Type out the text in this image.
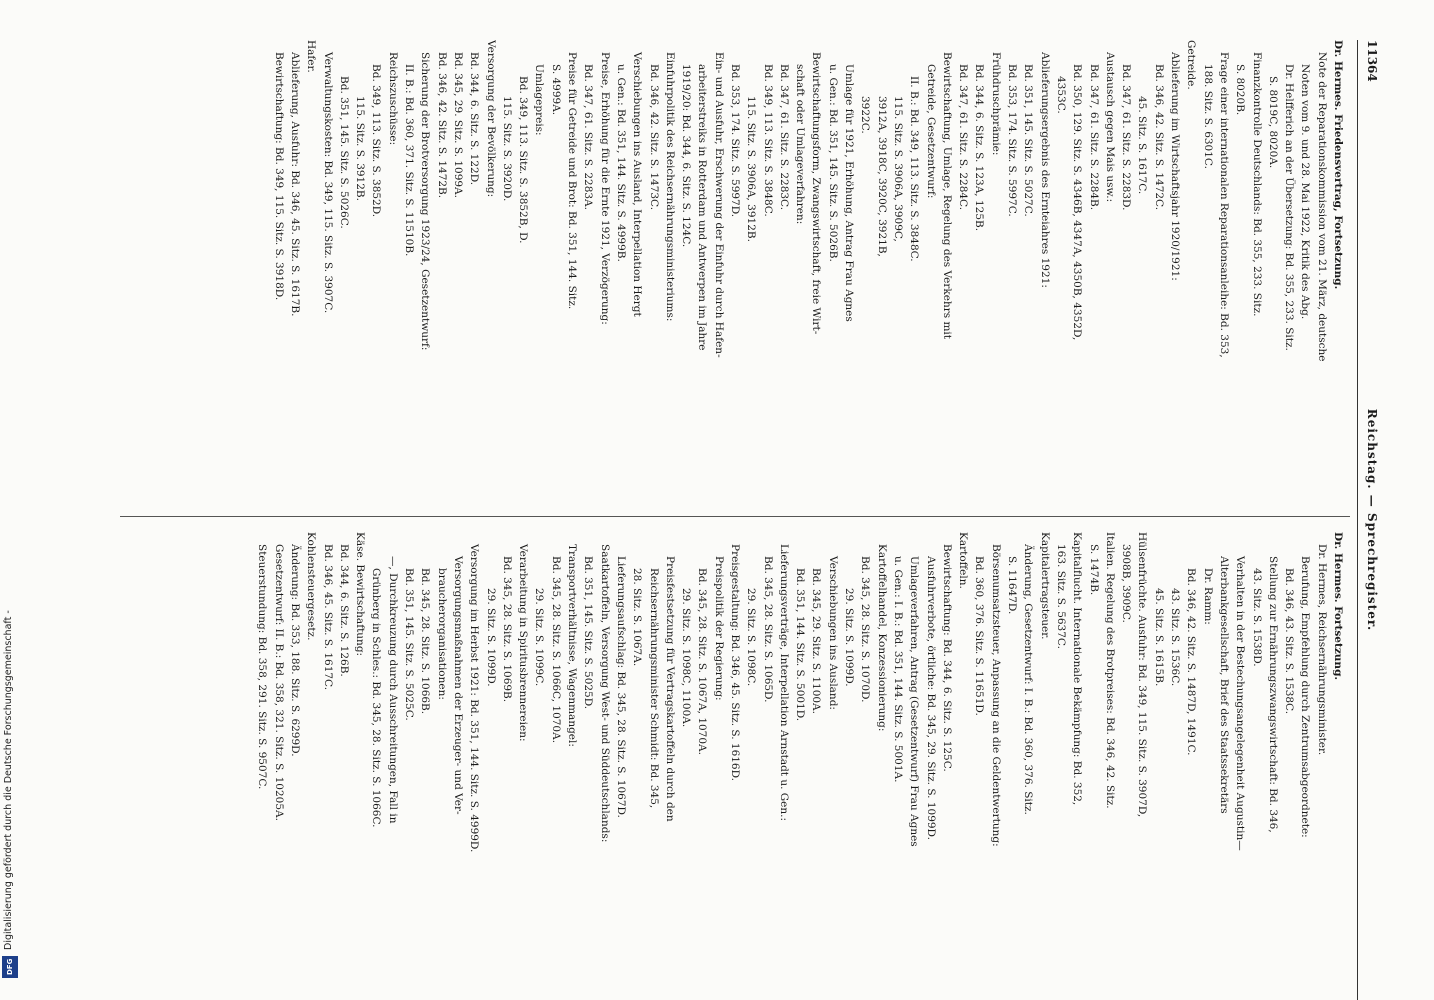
11364
Reichstag. — Sprechregister.
Dr. Hermes. Friedensvertrag, Fortsetzung.
Note der Reparationskommission vom 21. März, deutsche
Noten vom 9. und 28. Mai 1922, Kritik des Abg.
Dr. Helfferich an der Übersetzung: Bd. 355, 233. Sitz.
S. 8019C, 8020A.
Finanzkontrolle Deutschlands: Bd. 355, 233. Sitz.
S. 8020B.
Frage einer internationalen Reparationsanleihe: Bd. 353,
188. Sitz. S. 6301C.
Getreide.
Ablieferung im Wirtschaftsjahr 1920/1921:
Bd. 346, 42. Sitz. S. 1472C.
45. Sitz. S. 1617C.
Bd. 347, 61. Sitz. S. 2283D.
Austausch gegen Mais usw.:
Bd. 347, 61. Sitz. S. 2284B.
Bd. 350, 129. Sitz. S. 4346B, 4347A, 4350B, 4352D,
4353C.
Ablieferungsergebnis des Ernteiahres 1921:
Bd. 351, 145. Sitz. S. 5027C.
Bd. 353, 174. Sitz. S. 5997C.
Frühdruschprämie:
Bd. 344, 6. Sitz. S. 123A, 125B.
Bd. 347, 61. Sitz. S. 2284C.
Bewirtschaftung, Umlage, Regelung des Verkehrs mit
Getreide, Gesetzentwurf:
II. B.: Bd. 349, 113. Sitz. S. 3848C.
115. Sitz. S. 3906A, 3909C,
3912A, 3918C, 3920C, 3921B,
3922C.
Umlage für 1921, Erhöhung, Antrag Frau Agnes
u. Gen.: Bd. 351, 145. Sitz. S. 5026B.
Bewirtschaftungsform, Zwangswirtschaft, freie Wirt-
schaft oder Umlageverfahren:
Bd. 347, 61. Sitz. S. 2283C.
Bd. 349, 113. Sitz. S. 3848C.
115. Sitz. S. 3906A, 3912B.
Bd. 353, 174. Sitz. S. 5997D.
Ein- und Ausfuhr, Erschwerung der Einfuhr durch Hafen-
arbeiterstreiks in Rotterdam und Antwerpen im Jahre
1919/20: Bd. 344, 6. Sitz. S. 124C.
Einfuhrpolitik des Reichsernährungsministeriums:
Bd. 346, 42. Sitz. S. 1473C.
Verschiebungen ins Ausland, Interpellation Hergt
u. Gen.: Bd. 351, 144. Sitz. S. 4999B.
Preise, Erhöhung für die Ernte 1921, Verzögerung:
Bd. 347, 61. Sitz. S. 2283A.
Preise für Getreide und Brot: Bd. 351, 144. Sitz.
S. 4999A.
Umlagepreis:
Bd. 349, 113. Sitz. S. 3852B, D.
115. Sitz. S. 3920D.
Versorgung der Bevölkerung:
Bd. 344, 6. Sitz. S. 122D.
Bd. 345, 29. Sitz. S. 1099A.
Bd. 346, 42. Sitz. S. 1472B.
Sicherung der Brotversorgung 1923/24, Gesetzentwurf:
II. B.: Bd. 360, 371. Sitz. S. 11510B.
Reichszuschüsse:
Bd. 349, 113. Sitz. S. 3852D.
115. Sitz. S. 3912B.
Bd. 351, 145. Sitz. S. 5026C.
Verwaltungskosten: Bd. 349, 115. Sitz. S. 3907C.
Hafer.
Ablieferung, Ausfuhr: Bd. 346, 45. Sitz. S. 1617B.
Bewirtschaftung: Bd. 349, 115. Sitz. S. 3918D.
Dr. Hermes. Fortsetzung.
Dr. Hermes, Reichsernährungsminister.
Berufung, Empfehlung durch Zentrumsabgeordnete:
Bd. 346, 43. Sitz. S. 1538C.
Stellung zur Ernährungszwangswirtschaft: Bd. 346,
43. Sitz. S. 1538D.
Verhalten in der Bestechungsangelegenheit Augustin—
Alterbankgesellschaft, Brief des Staatssekretärs
Dr. Ramm:
Bd. 346, 42. Sitz. S. 1487D, 1491C.
43. Sitz. S. 1536C.
45. Sitz. S. 1615B.
Hülsenfrüchte. Ausfuhr: Bd. 349, 115. Sitz. S. 3907D,
3908B, 3909C.
Italien. Regelung des Brotpreises: Bd. 346, 42. Sitz.
S. 1474B.
Kapitalflucht. Internationale Bekämpfung: Bd. 352,
163. Sitz. S. 5637C.
Kapitalertragsteuer.
Änderung, Gesetzentwurf: I. B.: Bd. 360, 376. Sitz.
S. 11647D.
Börsenumsatzsteuer, Anpassung an die Geldentwertung:
Bd. 360, 376. Sitz. S. 11651D.
Kartoffeln.
Bewirtschaftung: Bd. 344, 6. Sitz. S. 125C.
Ausfuhrverbote, örtliche: Bd. 345, 29. Sitz. S. 1099D.
Umlageverfahren, Antrag (Gesetzentwurf) Frau Agnes
u. Gen.: I. B.: Bd. 351, 144. Sitz. S. 5001A.
Kartoffelhandel, Konzessionierung:
Bd. 345, 28. Sitz. S. 1070D.
29. Sitz. S. 1099D.
Verschiebungen ins Ausland:
Bd. 345, 29. Sitz. S. 1100A.
Bd. 351, 144. Sitz. S. 5001D.
Lieferungsverträge, Interpellation Arnstadt u. Gen.:
Bd. 345, 28. Sitz. S. 1065D.
29. Sitz. S. 1098C.
Preisgestaltung: Bd. 346, 45. Sitz. S. 1616D.
Preispolitik der Regierung:
Bd. 345, 28. Sitz. S. 1067A, 1070A.
29. Sitz. S. 1098C, 1100A.
Preisfestsetzung für Vertragskartoffeln durch den
Reichsernährungsminister Schmidt: Bd. 345,
28. Sitz. S. 1067A.
Lieferungsaufschlag: Bd. 345, 28. Sitz. S. 1067D.
Saatkartoffeln, Versorgung West- und Süddeutschlands:
Bd. 351, 145. Sitz. S. 5025D.
Transportverhältnisse, Wagenmangel:
Bd. 345, 28. Sitz. S. 1066C, 1070A.
29. Sitz. S. 1099C.
Verarbeitung in Spiritusbrennereien:
Bd. 345, 28. Sitz. S. 1069B.
29. Sitz. S. 1099D.
Versorgung im Herbst 1921: Bd. 351, 144. Sitz. S. 4999D.
Versorgungsmaßnahmen der Erzeuger- und Ver-
braucherorganisationen:
Bd. 345, 28. Sitz. S. 1066B.
Bd. 351, 145. Sitz. S. 5025C.
—, Durchkreuzung durch Ausschreitungen, Fall in
Grünberg in Schles.: Bd. 345, 28. Sitz. S. 1066C.
Käse. Bewirtschaftung:
Bd. 344, 6. Sitz. S. 126B.
Bd. 346, 45. Sitz. S. 1617C.
Kohlensteuergesetz.
Änderung: Bd. 353, 188. Sitz. S. 6299D.
Gesetzentwurf: II. B.: Bd. 358, 321. Sitz. S. 10205A.
Steuerstundung: Bd. 358, 291. Sitz. S. 9507C.
Digitalisierung gefördert durch die Deutsche Forschungsgemeinschaft -
DFG
